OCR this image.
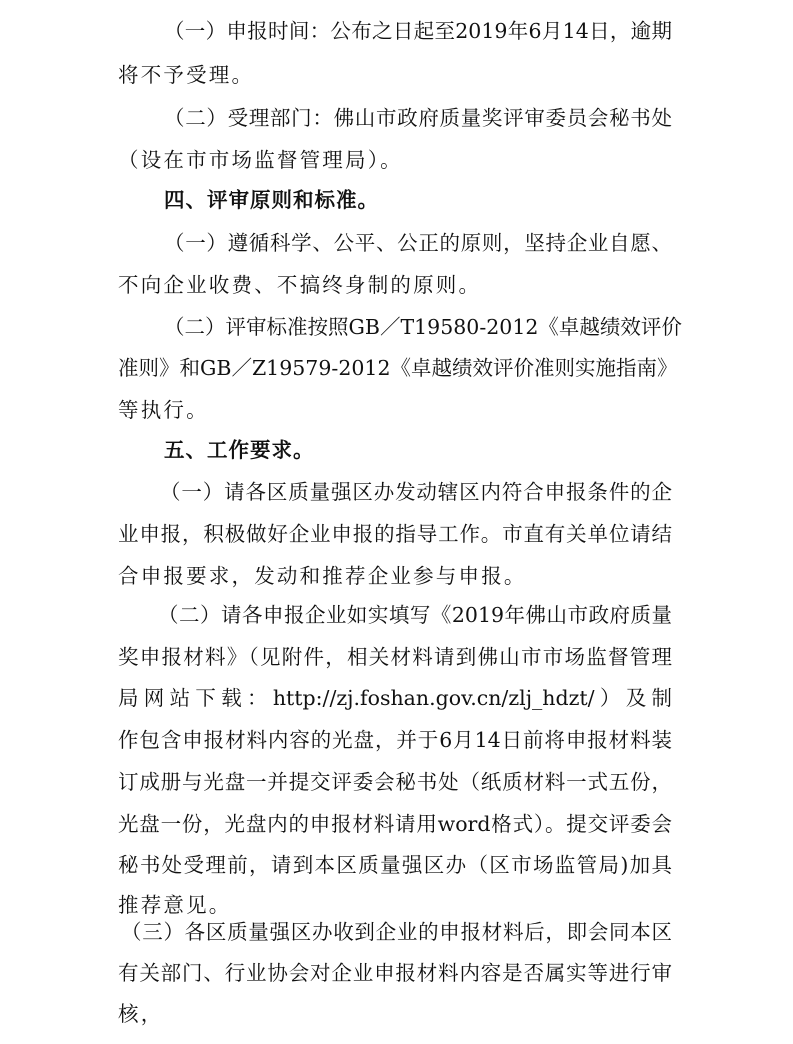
（一）申报时间：公布之日起至2019年6月14日，逾期
将不予受理。
（二）受理部门：佛山市政府质量奖评审委员会秘书处
（设在市市场监督管理局）。
四、评审原则和标准。
（一）遵循科学、公平、公正的原则，坚持企业自愿、
不向企业收费、不搞终身制的原则。
（二）评审标准按照GB／T19580-2012《卓越绩效评价
准则》和GB／Z19579-2012《卓越绩效评价准则实施指南》
等执行。
五、工作要求。
（一）请各区质量强区办发动辖区内符合申报条件的企
业申报，积极做好企业申报的指导工作。市直有关单位请结
合申报要求，发动和推荐企业参与申报。
（二）请各申报企业如实填写《2019年佛山市政府质量
奖申报材料》（见附件，相关材料请到佛山市市场监督管理
局网站下载：http://zj.foshan.gov.cn/zlj_hdzt/）及制
作包含申报材料内容的光盘，并于6月14日前将申报材料装
订成册与光盘一并提交评委会秘书处（纸质材料一式五份，
光盘一份，光盘内的申报材料请用word格式）。提交评委会
秘书处受理前，请到本区质量强区办（区市场监管局)加具
推荐意见。
（三）各区质量强区办收到企业的申报材料后，即会同本区
有关部门、行业协会对企业申报材料内容是否属实等进行审
核，
